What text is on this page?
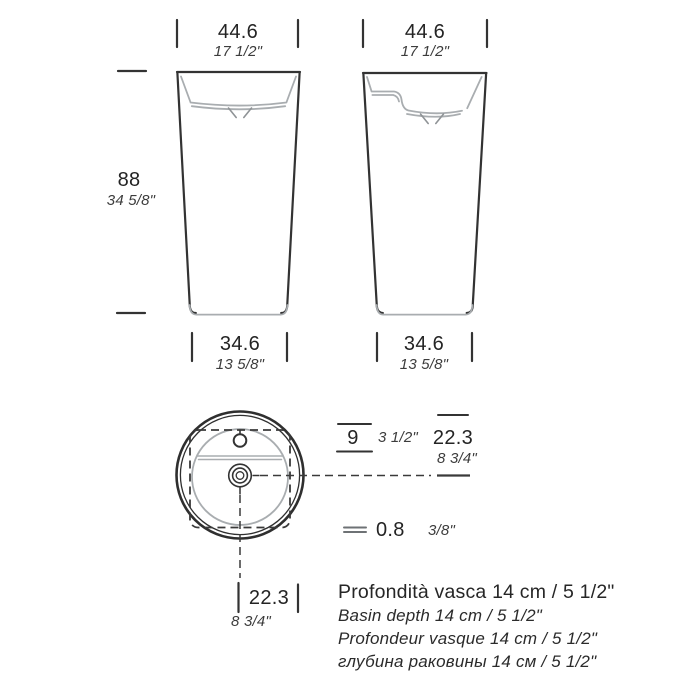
44.6
17 1/2"
44.6
17 1/2"
88
34 5/8"
34.6
13 5/8"
34.6
13 5/8"
9 3 1/2" 22.3
8 3/4"
0.8 3/8"
22.3
8 3/4"
Profondità vasca 14 cm / 5 1/2"
Basin depth 14 cm / 5 1/2"
Profondeur vasque 14 cm / 5 1/2"
глубина раковины 14 см / 5 1/2"
